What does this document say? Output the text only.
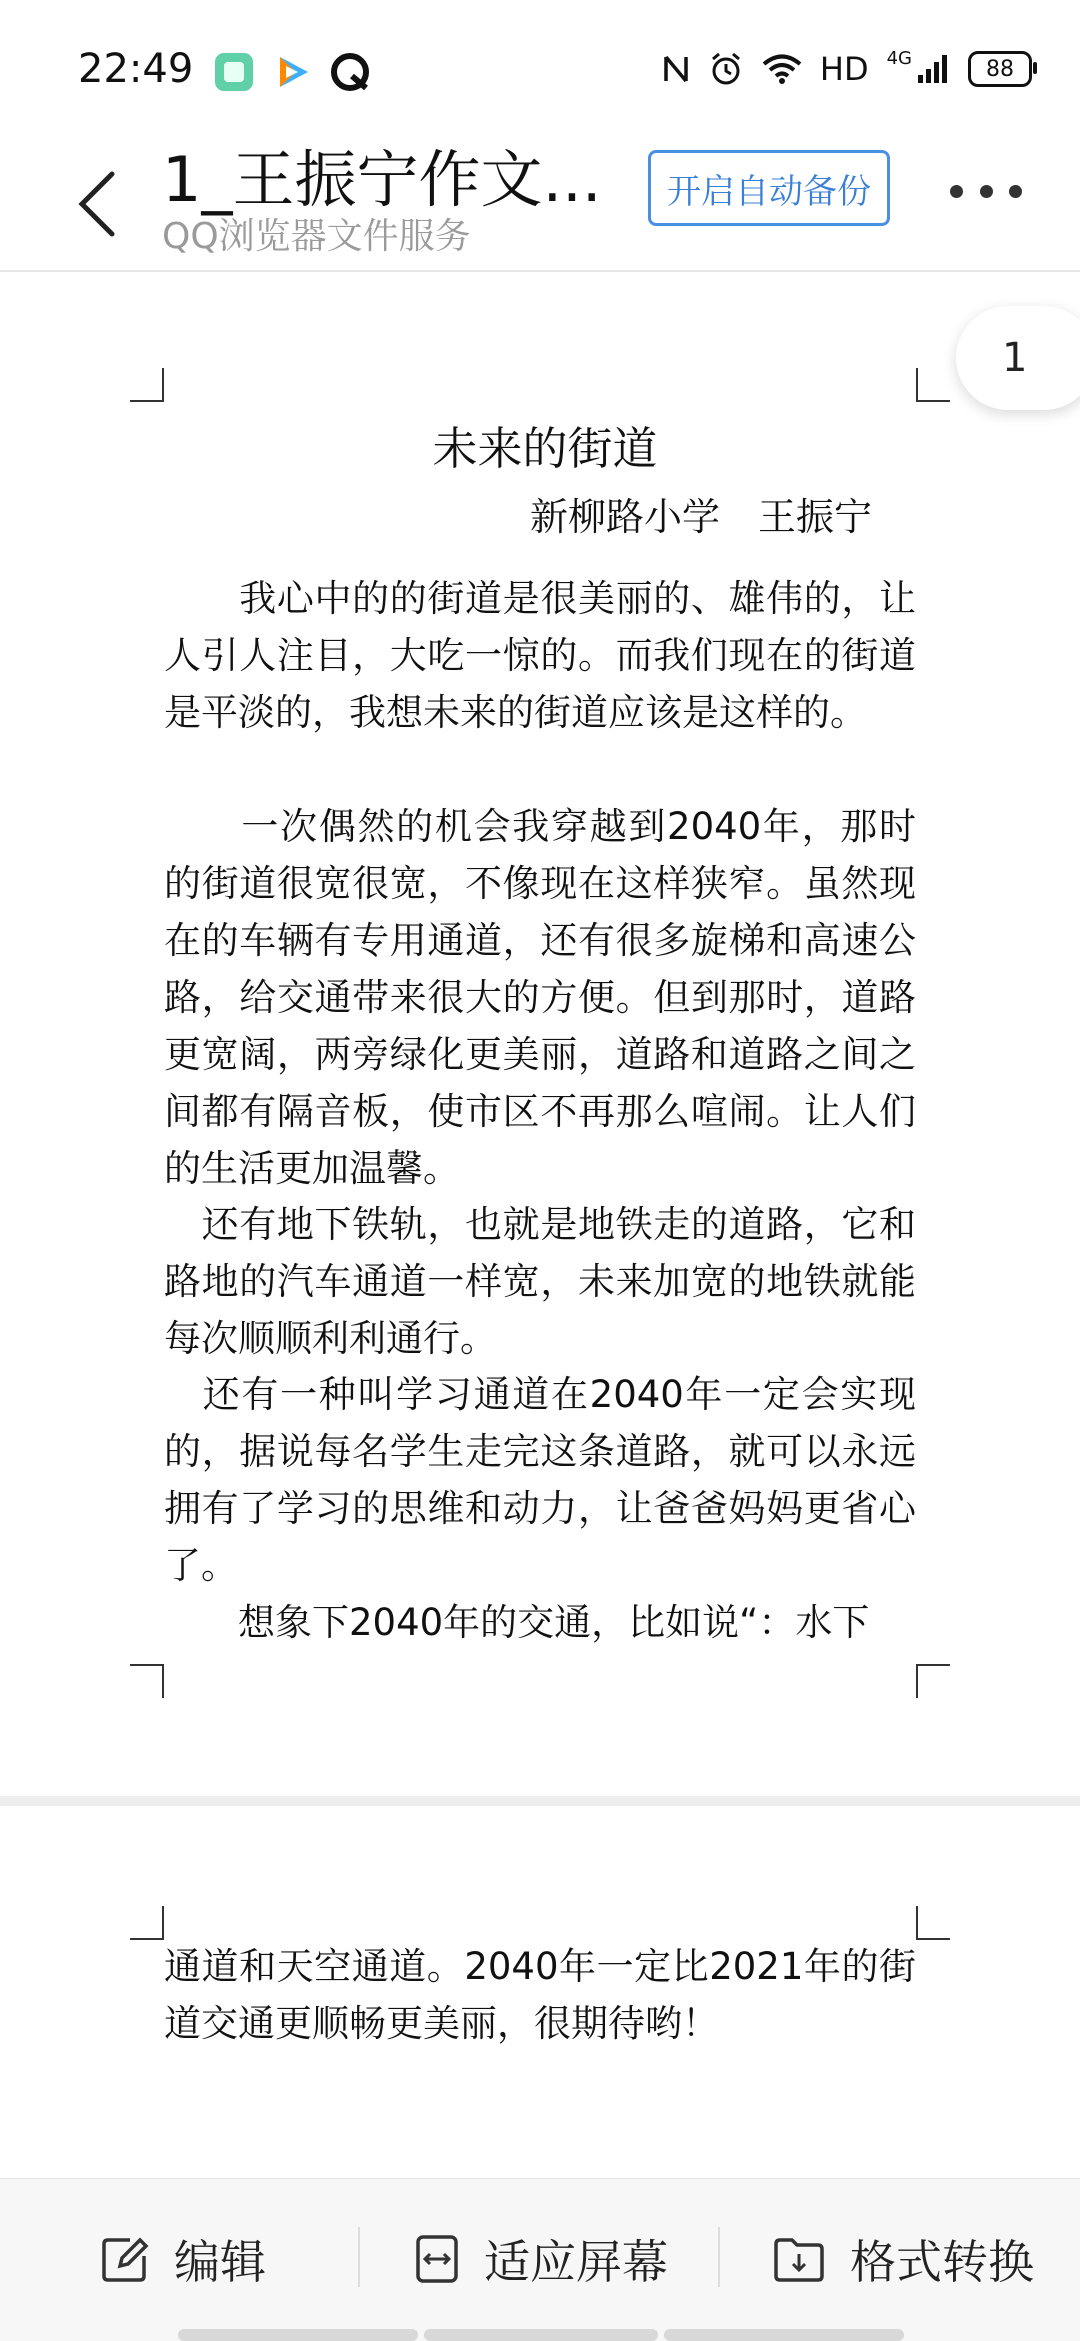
22:49	HD 4G	88
1_王振宁作文...
QQ浏览器文件服务
开启自动备份
1
未来的街道
新柳路小学　王振宁

　　我心中的的街道是很美丽的、雄伟的，让人引人注目，大吃一惊的。而我们现在的街道是平淡的，我想未来的街道应该是这样的。

　　一次偶然的机会我穿越到2040年，那时的街道很宽很宽，不像现在这样狭窄。虽然现在的车辆有专用通道，还有很多旋梯和高速公路，给交通带来很大的方便。但到那时，道路更宽阔，两旁绿化更美丽，道路和道路之间之间都有隔音板，使市区不再那么喧闹。让人们的生活更加温馨。

　还有地下铁轨，也就是地铁走的道路，它和路地的汽车通道一样宽，未来加宽的地铁就能每次顺顺利利通行。

　还有一种叫学习通道在2040年一定会实现的，据说每名学生走完这条道路，就可以永远拥有了学习的思维和动力，让爸爸妈妈更省心了。

　　想象下2040年的交通，比如说“：水下

通道和天空通道。2040年一定比2021年的街道交通更顺畅更美丽，很期待哟！

编辑	适应屏幕	格式转换
